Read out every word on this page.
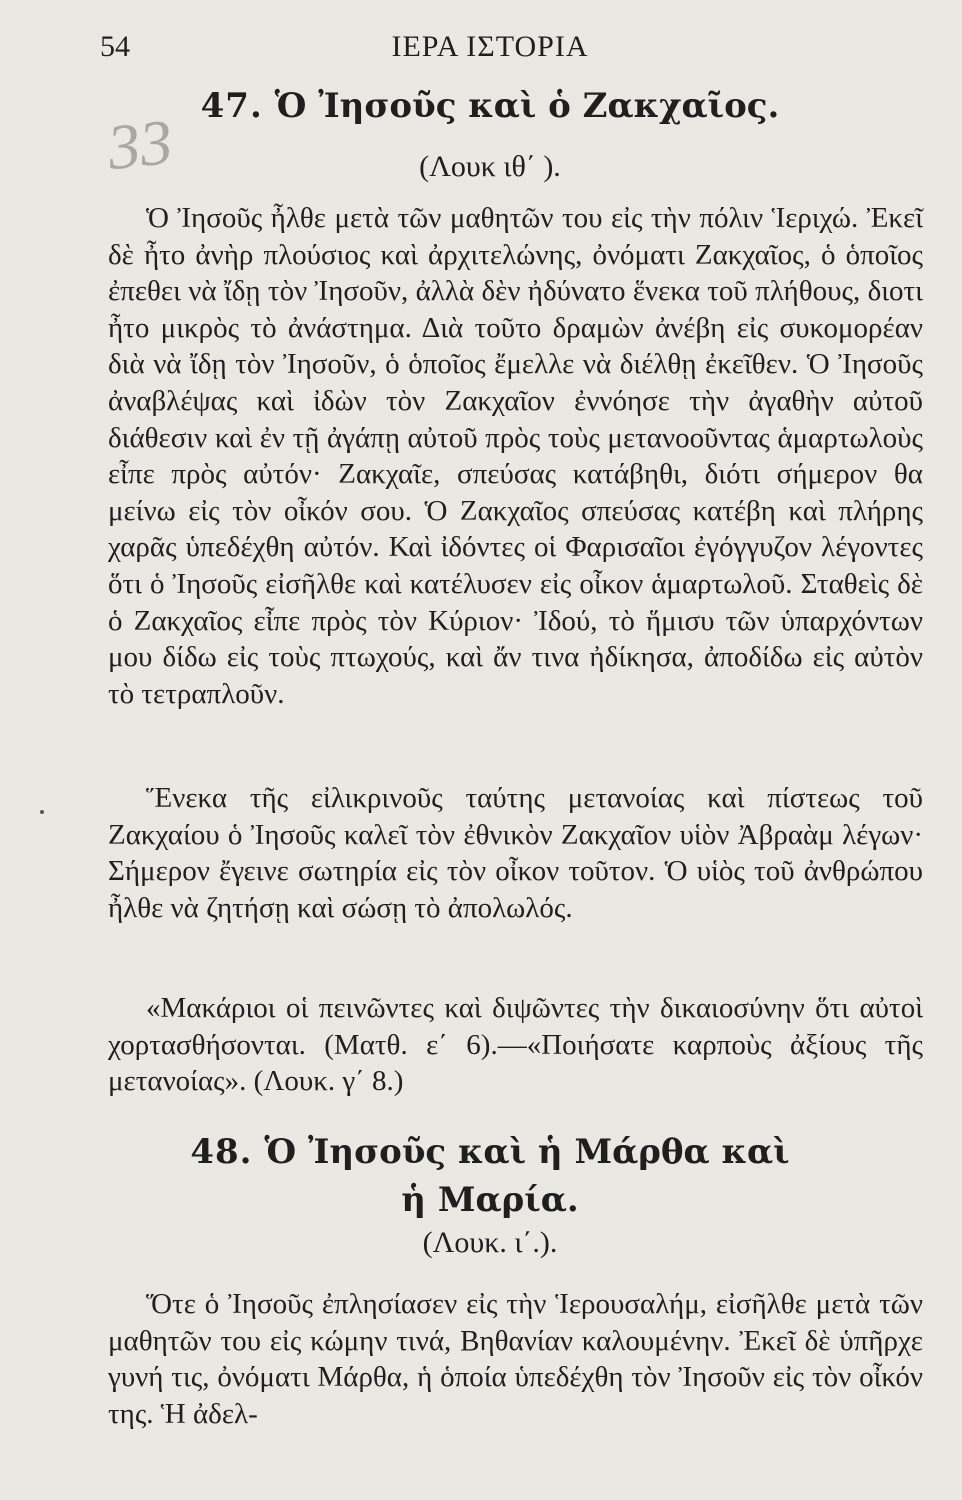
54	ΙΕΡΑ ΙΣΤΟΡΙΑ
33 47. Ὁ Ἰησοῦς καὶ ὁ Ζακχαῖος.
(Λουκ ιθ΄ ).
Ὁ Ἰησοῦς ἦλθε μετὰ τῶν μαθητῶν του εἰς τὴν πόλιν Ἱεριχώ. Ἐκεῖ δὲ ἦτο ἀνὴρ πλούσιος καὶ ἀρχιτελώνης, ὀνόματι Ζακχαῖος, ὁ ὁποῖος ἐπεθει νὰ ἴδῃ τὸν Ἰησοῦν, ἀλλὰ δὲν ἠδύνατο ἕνεκα τοῦ πλήθους, διοτι ἦτο μικρὸς τὸ ἀνάστημα. Διὰ τοῦτο δραμὼν ἀνέβη εἰς συκομορέαν διὰ νὰ ἴδῃ τὸν Ἰησοῦν, ὁ ὁποῖος ἔμελλε νὰ διέλθῃ ἐκεῖθεν. Ὁ Ἰησοῦς ἀναβλέψας καὶ ἰδὼν τὸν Ζακχαῖον ἐννόησε τὴν ἀγαθὴν αὐτοῦ διάθεσιν καὶ ἐν τῇ ἀγάπῃ αὐτοῦ πρὸς τοὺς μετανοοῦντας ἁμαρτωλοὺς εἶπε πρὸς αὐτόν· Ζακχαῖε, σπεύσας κατάβηθι, διότι σήμερον θα μείνω εἰς τὸν οἶκόν σου. Ὁ Ζακχαῖος σπεύσας κατέβη καὶ πλήρης χαρᾶς ὑπεδέχθη αὐτόν. Καὶ ἰδόντες οἱ Φαρισαῖοι ἐγόγγυζον λέγοντες ὅτι ὁ Ἰησοῦς εἰσῆλθε καὶ κατέλυσεν εἰς οἶκον ἁμαρτωλοῦ. Σταθεὶς δὲ ὁ Ζακχαῖος εἶπε πρὸς τὸν Κύριον· Ἰδού, τὸ ἥμισυ τῶν ὑπαρχόντων μου δίδω εἰς τοὺς πτωχούς, καὶ ἄν τινα ἠδίκησα, ἀποδίδω εἰς αὐτὸν τὸ τετραπλοῦν.
Ἕνεκα τῆς εἰλικρινοῦς ταύτης μετανοίας καὶ πίστεως τοῦ Ζακχαίου ὁ Ἰησοῦς καλεῖ τὸν ἐθνικὸν Ζακχαῖον υἱὸν Ἀβραὰμ λέγων· Σήμερον ἔγεινε σωτηρία εἰς τὸν οἶκον τοῦτον. Ὁ υἱὸς τοῦ ἀνθρώπου ἦλθε νὰ ζητήσῃ καὶ σώσῃ τὸ ἀπολωλός.
«Μακάριοι οἱ πεινῶντες καὶ διψῶντες τὴν δικαιοσύνην ὅτι αὐτοὶ χορτασθήσονται. (Ματθ. ε΄ 6).—«Ποιήσατε καρποὺς ἀξίους τῆς μετανοίας». (Λουκ. γ΄ 8.)
48. Ὁ Ἰησοῦς καὶ ἡ Μάρθα καὶ
ἡ Μαρία.
(Λουκ. ι΄.).
Ὅτε ὁ Ἰησοῦς ἐπλησίασεν εἰς τὴν Ἱερουσαλήμ, εἰσῆλθε μετὰ τῶν μαθητῶν του εἰς κώμην τινά, Βηθανίαν καλουμένην. Ἐκεῖ δὲ ὑπῆρχε γυνή τις, ὀνόματι Μάρθα, ἡ ὁποία ὑπεδέχθη τὸν Ἰησοῦν εἰς τὸν οἶκόν της. Ἡ ἀδελ-
